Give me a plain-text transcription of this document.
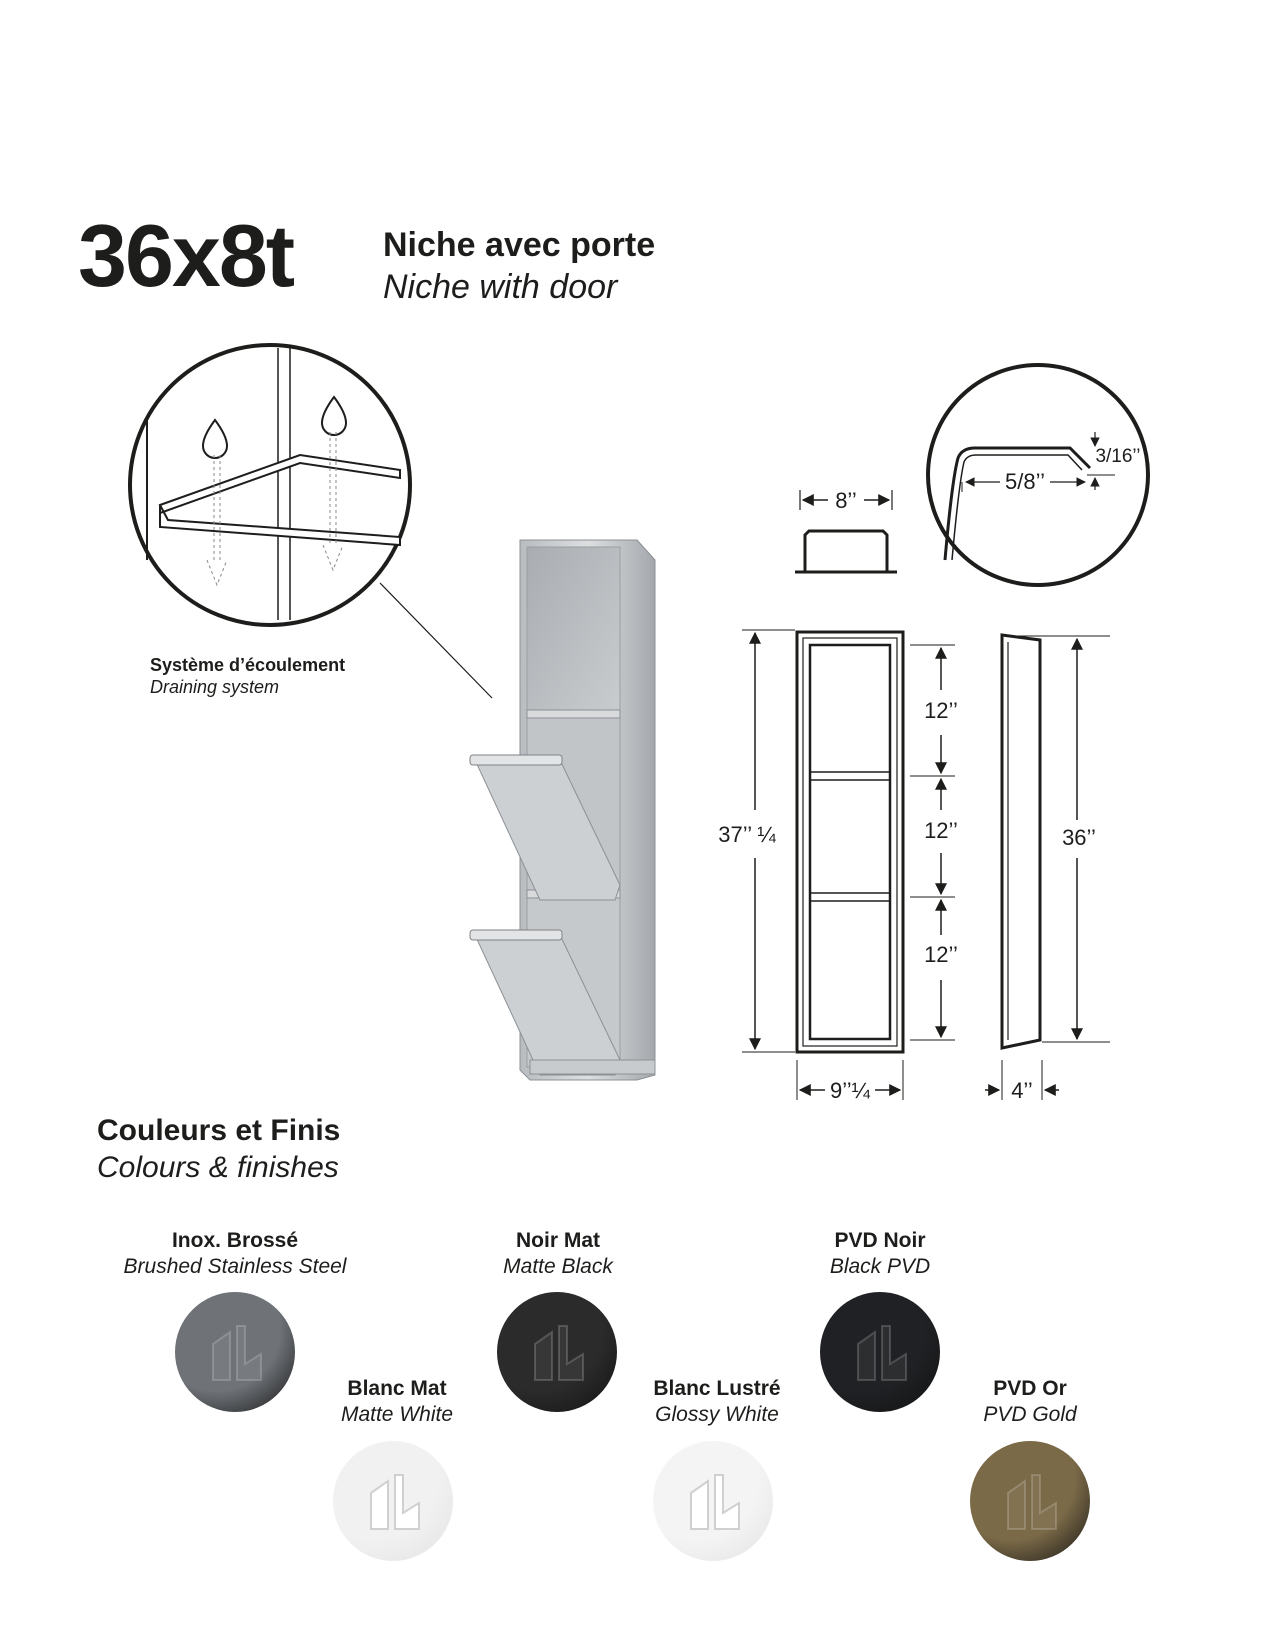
36x8t	Niche avec porte
Niche with door
8’’
5/8’’
3/16’’
37’’ ¼
12’’
12’’
12’’
36’’
9’’¼	4’’
Système d’écoulement
Draining system
Couleurs et Finis
Colours & finishes
Inox. Brossé
Brushed Stainless Steel
Noir Mat
Matte Black
PVD Noir
Black PVD
Blanc Mat
Matte White
Blanc Lustré
Glossy White
PVD Or
PVD Gold
